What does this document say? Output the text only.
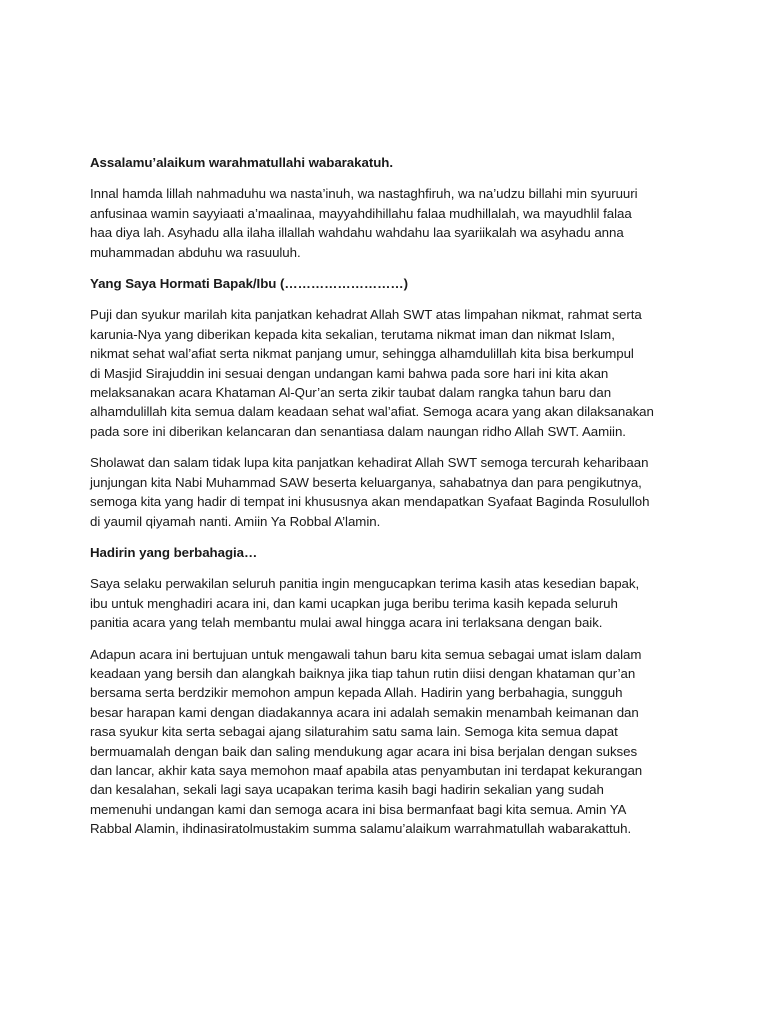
Assalamu’alaikum warahmatullahi wabarakatuh.

Innal hamda lillah nahmaduhu wa nasta’inuh, wa nastaghfiruh, wa na’udzu billahi min syuruuri
anfusinaa wamin sayyiaati a’maalinaa, mayyahdihillahu falaa mudhillalah, wa mayudhlil falaa
haa diya lah. Asyhadu alla ilaha illallah wahdahu wahdahu laa syariikalah wa asyhadu anna
muhammadan abduhu wa rasuuluh.

Yang Saya Hormati Bapak/Ibu (………………………)

Puji dan syukur marilah kita panjatkan kehadrat Allah SWT atas limpahan nikmat, rahmat serta
karunia-Nya yang diberikan kepada kita sekalian, terutama nikmat iman dan nikmat Islam,
nikmat sehat wal’afiat serta nikmat panjang umur, sehingga alhamdulillah kita bisa berkumpul
di Masjid Sirajuddin ini sesuai dengan undangan kami bahwa pada sore hari ini kita akan
melaksanakan acara Khataman Al-Qur’an serta zikir taubat dalam rangka tahun baru dan
alhamdulillah kita semua dalam keadaan sehat wal’afiat. Semoga acara yang akan dilaksanakan
pada sore ini diberikan kelancaran dan senantiasa dalam naungan ridho Allah SWT. Aamiin.

Sholawat dan salam tidak lupa kita panjatkan kehadirat Allah SWT semoga tercurah keharibaan
junjungan kita Nabi Muhammad SAW beserta keluarganya, sahabatnya dan para pengikutnya,
semoga kita yang hadir di tempat ini khususnya akan mendapatkan Syafaat Baginda Rosululloh
di yaumil qiyamah nanti. Amiin Ya Robbal A’lamin.

Hadirin yang berbahagia…

Saya selaku perwakilan seluruh panitia ingin mengucapkan terima kasih atas kesedian bapak,
ibu untuk menghadiri acara ini, dan kami ucapkan juga beribu terima kasih kepada seluruh
panitia acara yang telah membantu mulai awal hingga acara ini terlaksana dengan baik.

Adapun acara ini bertujuan untuk mengawali tahun baru kita semua sebagai umat islam dalam
keadaan yang bersih dan alangkah baiknya jika tiap tahun rutin diisi dengan khataman qur’an
bersama serta berdzikir memohon ampun kepada Allah. Hadirin yang berbahagia, sungguh
besar harapan kami dengan diadakannya acara ini adalah semakin menambah keimanan dan
rasa syukur kita serta sebagai ajang silaturahim satu sama lain. Semoga kita semua dapat
bermuamalah dengan baik dan saling mendukung agar acara ini bisa berjalan dengan sukses
dan lancar, akhir kata saya memohon maaf apabila atas penyambutan ini terdapat kekurangan
dan kesalahan, sekali lagi saya ucapakan terima kasih bagi hadirin sekalian yang sudah
memenuhi undangan kami dan semoga acara ini bisa bermanfaat bagi kita semua. Amin YA
Rabbal Alamin, ihdinasiratolmustakim summa salamu’alaikum warrahmatullah wabarakattuh.
